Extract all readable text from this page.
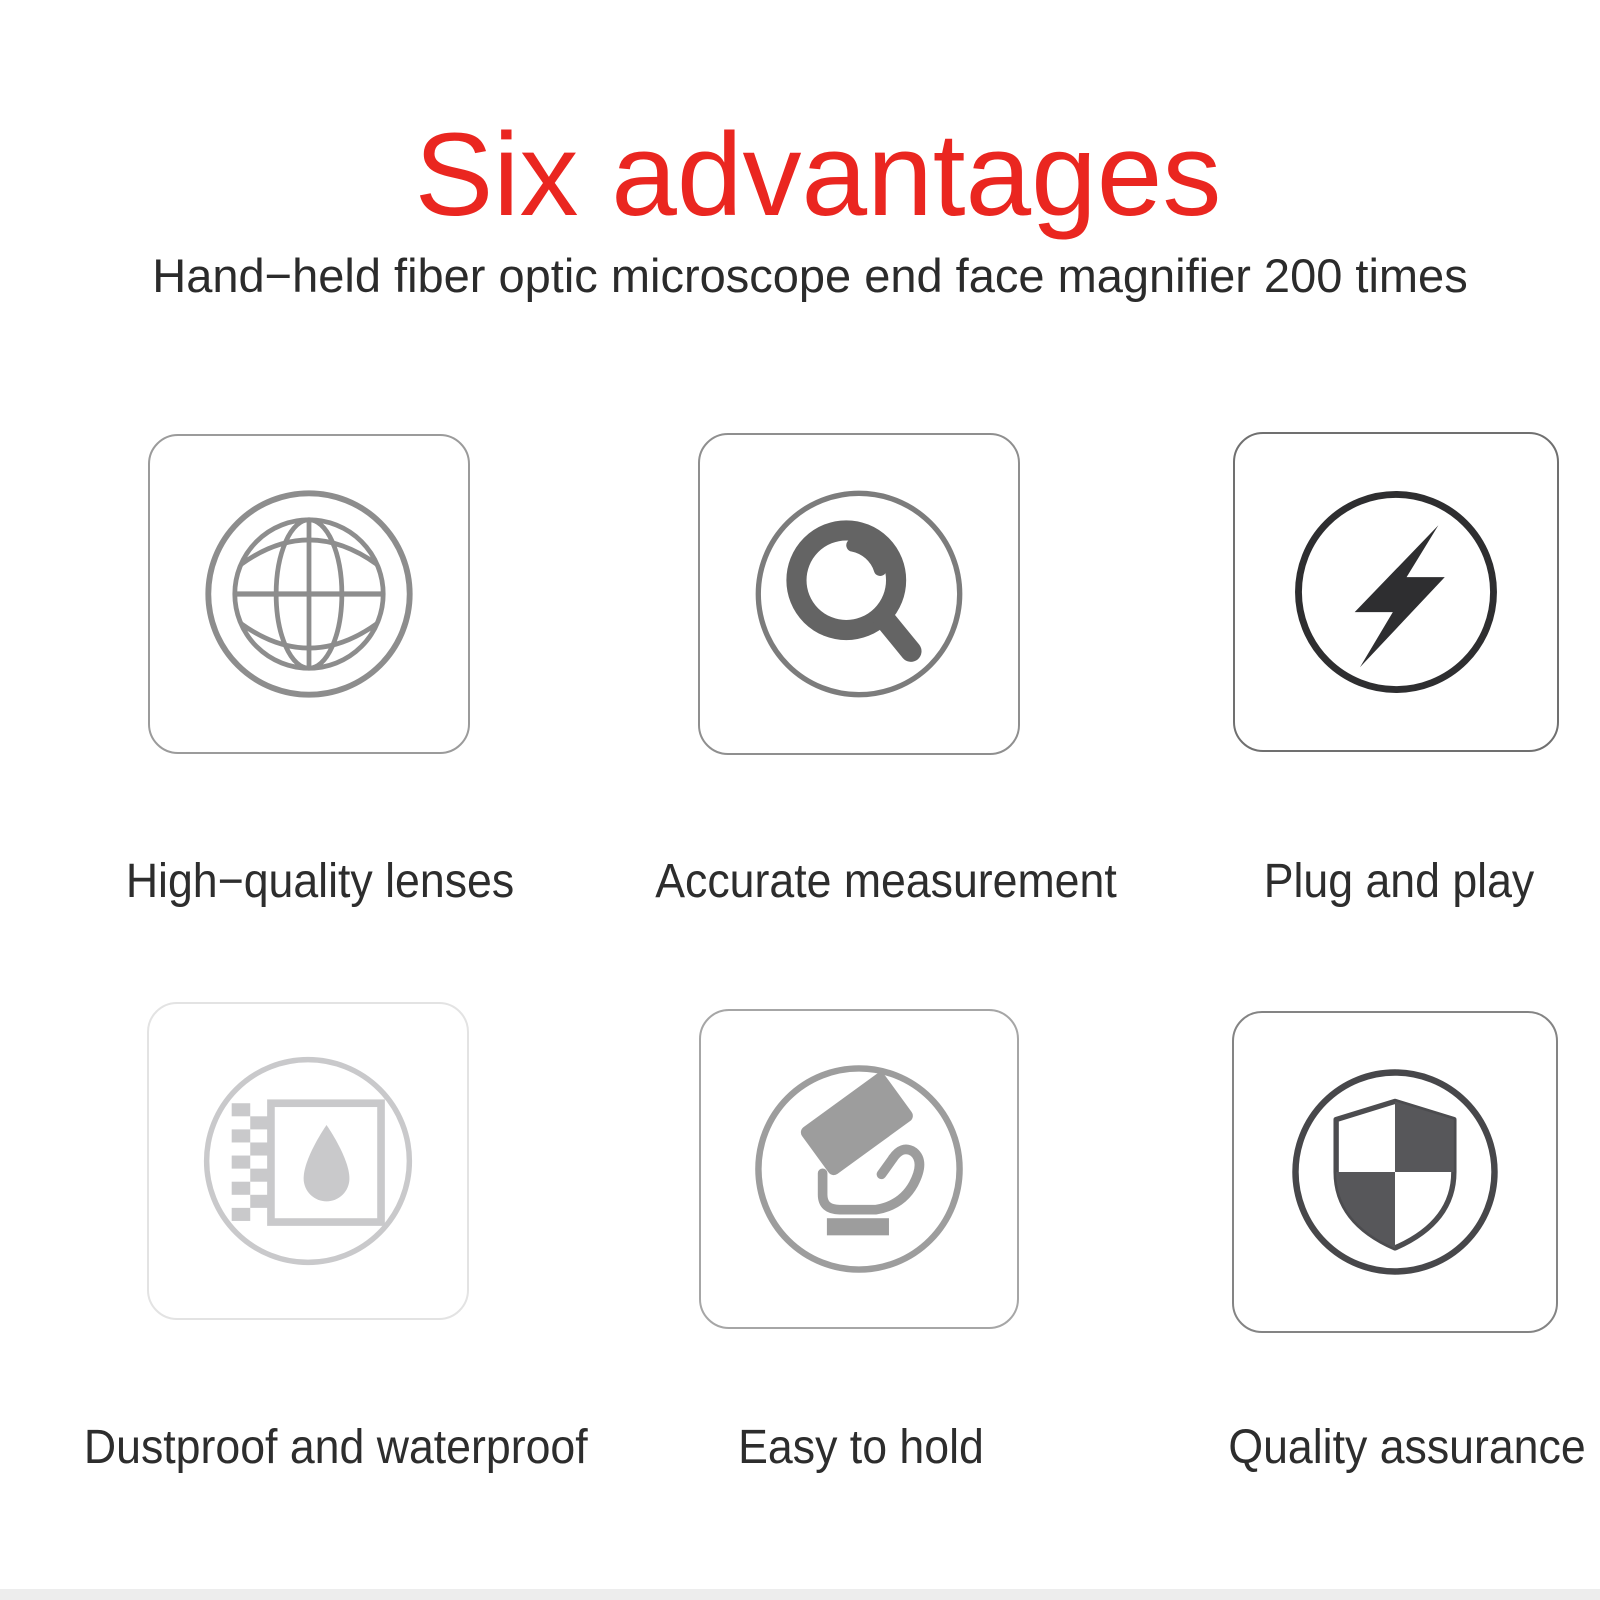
Six advantages
Hand−held fiber optic microscope end face magnifier 200 times
High−quality lenses	Accurate measurement	Plug and play
Dustproof and waterproof	Easy to hold	Quality assurance
